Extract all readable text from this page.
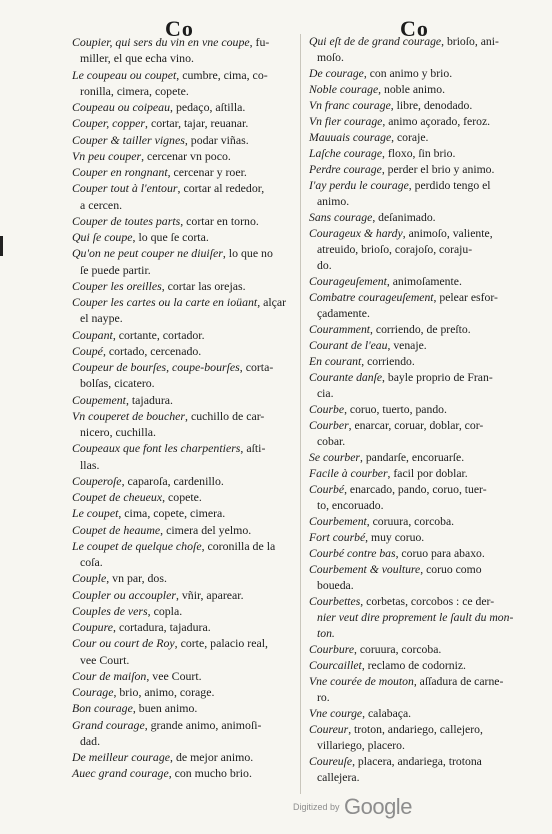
Co	Co
Coupier, qui sers du vin en vne coupe, fu-
miller, el que echa vino.
Le coupeau ou coupet, cumbre, cima, co-
ronilla, cimera, copete.
Coupeau ou coipeau, pedaço, aſtilla.
Couper, copper, cortar, tajar, reuanar.
Couper & tailler vignes, podar viñas.
Vn peu couper, cercenar vn poco.
Couper en rongnant, cercenar y roer.
Couper tout à l'entour, cortar al rededor,
a cercen.
Couper de toutes parts, cortar en torno.
Qui ſe coupe, lo que ſe corta.
Qu'on ne peut couper ne diuiſer, lo que no
ſe puede partir.
Couper les oreilles, cortar las orejas.
Couper les cartes ou la carte en ioüant, alçar
el naype.
Coupant, cortante, cortador.
Coupé, cortado, cercenado.
Coupeur de bourſes, coupe-bourſes, corta-
bolſas, cicatero.
Coupement, tajadura.
Vn couperet de boucher, cuchillo de car-
nicero, cuchilla.
Coupeaux que font les charpentiers, aſti-
llas.
Couperoſe, caparoſa, cardenillo.
Coupet de cheueux, copete.
Le coupet, cima, copete, cimera.
Coupet de heaume, cimera del yelmo.
Le coupet de quelque choſe, coronilla de la
coſa.
Couple, vn par, dos.
Coupler ou accoupler, vñir, aparear.
Couples de vers, copla.
Coupure, cortadura, tajadura.
Cour ou court de Roy, corte, palacio real,
vee Court.
Cour de maiſon, vee Court.
Courage, brio, animo, corage.
Bon courage, buen animo.
Grand courage, grande animo, animoſi-
dad.
De meilleur courage, de mejor animo.
Auec grand courage, con mucho brio.
Qui eſt de de grand courage, brioſo, ani-
moſo.
De courage, con animo y brio.
Noble courage, noble animo.
Vn franc courage, libre, denodado.
Vn fier courage, animo açorado, feroz.
Mauuais courage, coraje.
Laſche courage, floxo, ſin brio.
Perdre courage, perder el brio y animo.
I'ay perdu le courage, perdido tengo el
animo.
Sans courage, deſanimado.
Courageux & hardy, animoſo, valiente,
atreuido, brioſo, corajoſo, coraju-
do.
Courageuſement, animoſamente.
Combatre courageuſement, pelear esfor-
çadamente.
Couramment, corriendo, de preſto.
Courant de l'eau, venaje.
En courant, corriendo.
Courante danſe, bayle proprio de Fran-
cia.
Courbe, coruo, tuerto, pando.
Courber, enarcar, coruar, doblar, cor-
cobar.
Se courber, pandarſe, encoruarſe.
Facile à courber, facil por doblar.
Courbé, enarcado, pando, coruo, tuer-
to, encoruado.
Courbement, coruura, corcoba.
Fort courbé, muy coruo.
Courbé contre bas, coruo para abaxo.
Courbement & voulture, coruo como
boueda.
Courbettes, corbetas, corcobos : ce der-
nier veut dire proprement le ſault du mon-
ton.
Courbure, coruura, corcoba.
Courcaillet, reclamo de codorniz.
Vne courée de mouton, aſſadura de carne-
ro.
Vne courge, calabaça.
Coureur, troton, andariego, callejero,
villariego, placero.
Coureuſe, placera, andariega, trotona
callejera.
Digitized by Google
